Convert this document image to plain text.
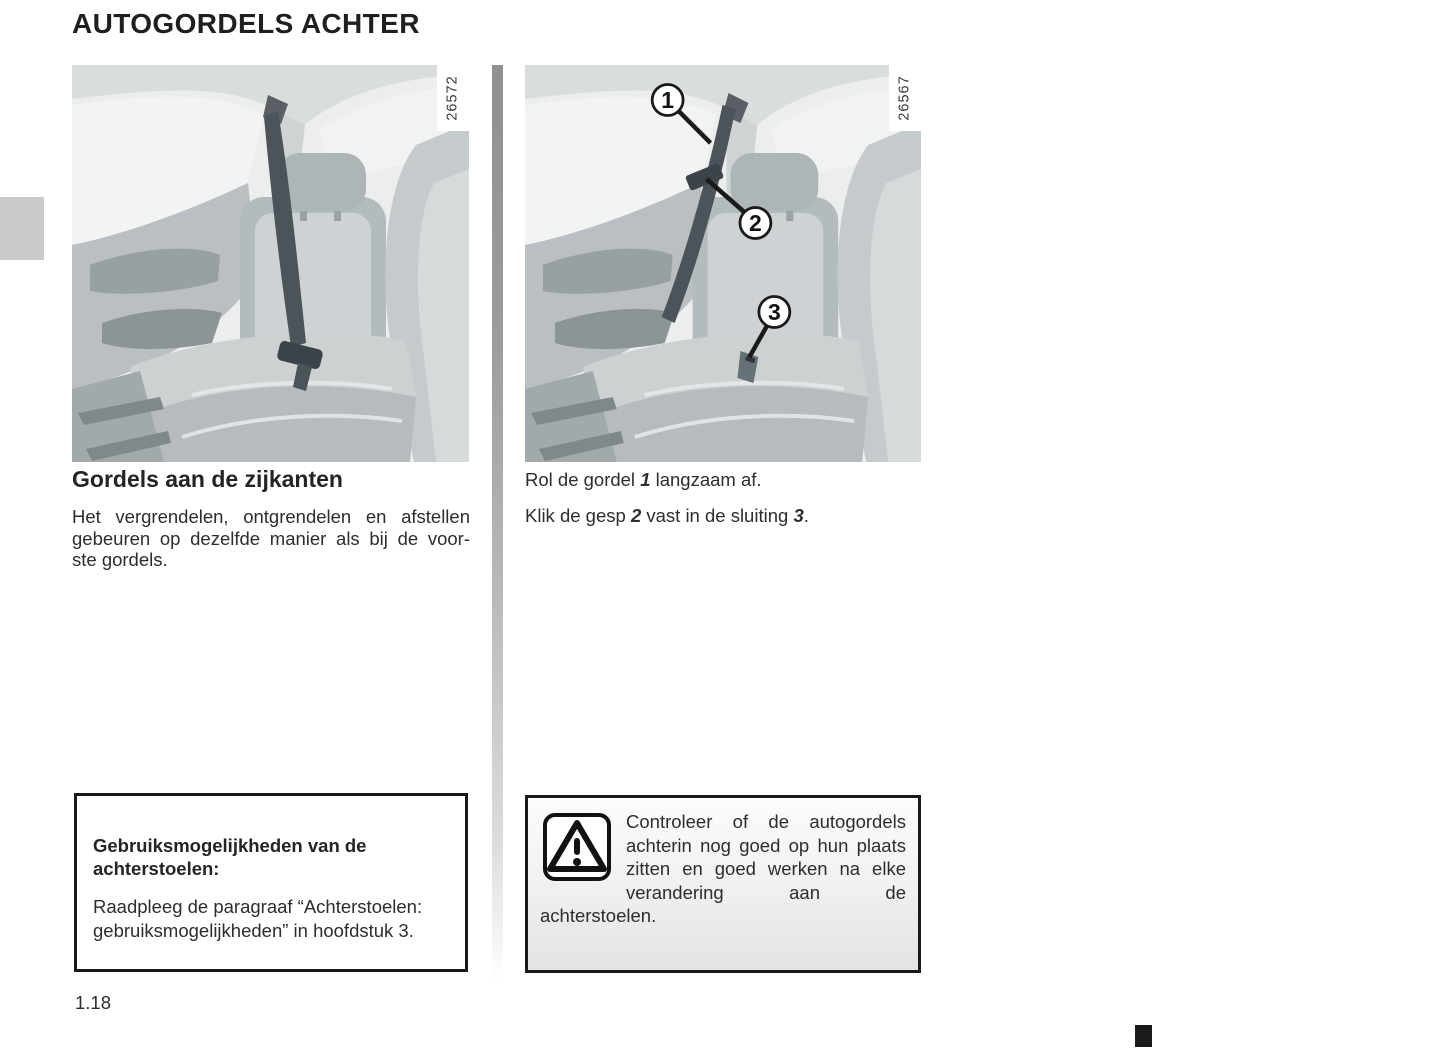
AUTOGORDELS ACHTER
26572	1
2
3
26567
Gordels aan de zijkanten
Het vergrendelen, ontgrendelen en afstellen
gebeuren op dezelfde manier als bij de voor-
ste gordels.

Rol de gordel 1 langzaam af.

Klik de gesp 2 vast in de sluiting 3.

Gebruiksmogelijkheden van de achterstoelen:

Raadpleeg de paragraaf “Achterstoelen: gebruiksmogelijkheden” in hoofdstuk 3.

Controleer of de autogordels achterin nog goed op hun plaats zitten en goed werken na elke verandering aan de achterstoelen.

1.18
